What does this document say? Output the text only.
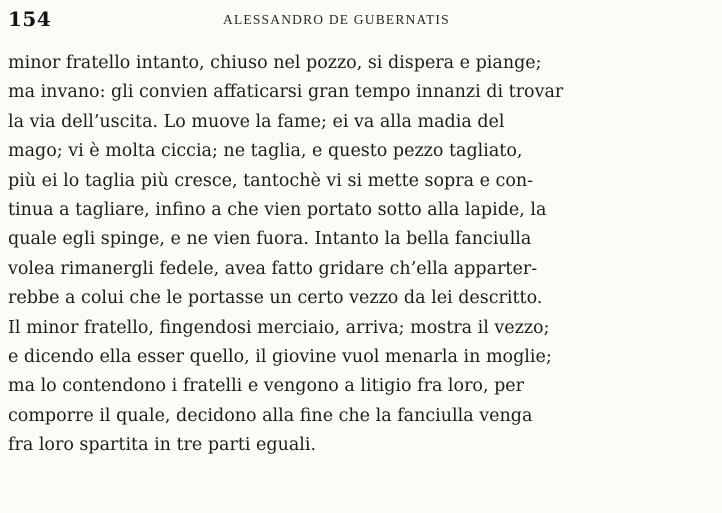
154	ALESSANDRO DE GUBERNATIS
minor fratello intanto, chiuso nel pozzo, si dispera e piange;
ma invano: gli convien affaticarsi gran tempo innanzi di trovar
la via dell’uscita. Lo muove la fame; ei va alla madia del
mago; vi è molta ciccia; ne taglia, e questo pezzo tagliato,
più ei lo taglia più cresce, tantochè vi si mette sopra e con-
tinua a tagliare, infino a che vien portato sotto alla lapide, la
quale egli spinge, e ne vien fuora. Intanto la bella fanciulla
volea rimanergli fedele, avea fatto gridare ch’ella apparter-
rebbe a colui che le portasse un certo vezzo da lei descritto.
Il minor fratello, fingendosi merciaio, arriva; mostra il vezzo;
e dicendo ella esser quello, il giovine vuol menarla in moglie;
ma lo contendono i fratelli e vengono a litigio fra loro, per
comporre il quale, decidono alla fine che la fanciulla venga
fra loro spartita in tre parti eguali.
